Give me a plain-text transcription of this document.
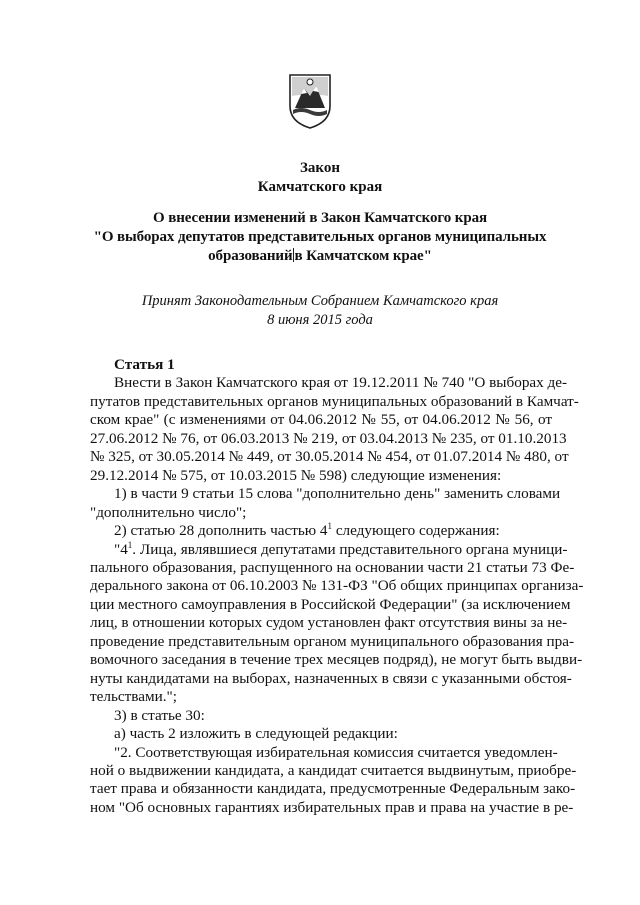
Закон
Камчатского края
О внесении изменений в Закон Камчатского края
"О выборах депутатов представительных органов муниципальных
образований в Камчатском крае"
Принят Законодательным Собранием Камчатского края
8 июня 2015 года
Статья 1
Внести в Закон Камчатского края от 19.12.2011 № 740 "О выборах де-
путатов представительных органов муниципальных образований в Камчат-
ском крае" (с изменениями от 04.06.2012 № 55, от 04.06.2012 № 56, от
27.06.2012 № 76, от 06.03.2013 № 219, от 03.04.2013 № 235, от 01.10.2013
№ 325, от 30.05.2014 № 449, от 30.05.2014 № 454, от 01.07.2014 № 480, от
29.12.2014 № 575, от 10.03.2015 № 598) следующие изменения:
1) в части 9 статьи 15 слова "дополнительно день" заменить словами
"дополнительно число";
2) статью 28 дополнить частью $4^1$ следующего содержания:
"$4^1$. Лица, являвшиеся депутатами представительного органа муници-
пального образования, распущенного на основании части 21 статьи 73 Фе-
дерального закона от 06.10.2003 № 131-ФЗ "Об общих принципах организа-
ции местного самоуправления в Российской Федерации" (за исключением
лиц, в отношении которых судом установлен факт отсутствия вины за не-
проведение представительным органом муниципального образования пра-
вомочного заседания в течение трех месяцев подряд), не могут быть выдви-
нуты кандидатами на выборах, назначенных в связи с указанными обстоя-
тельствами.";
3) в статье 30:
а) часть 2 изложить в следующей редакции:
"2. Соответствующая избирательная комиссия считается уведомлен-
ной о выдвижении кандидата, а кандидат считается выдвинутым, приобре-
тает права и обязанности кандидата, предусмотренные Федеральным зако-
ном "Об основных гарантиях избирательных прав и права на участие в ре-
